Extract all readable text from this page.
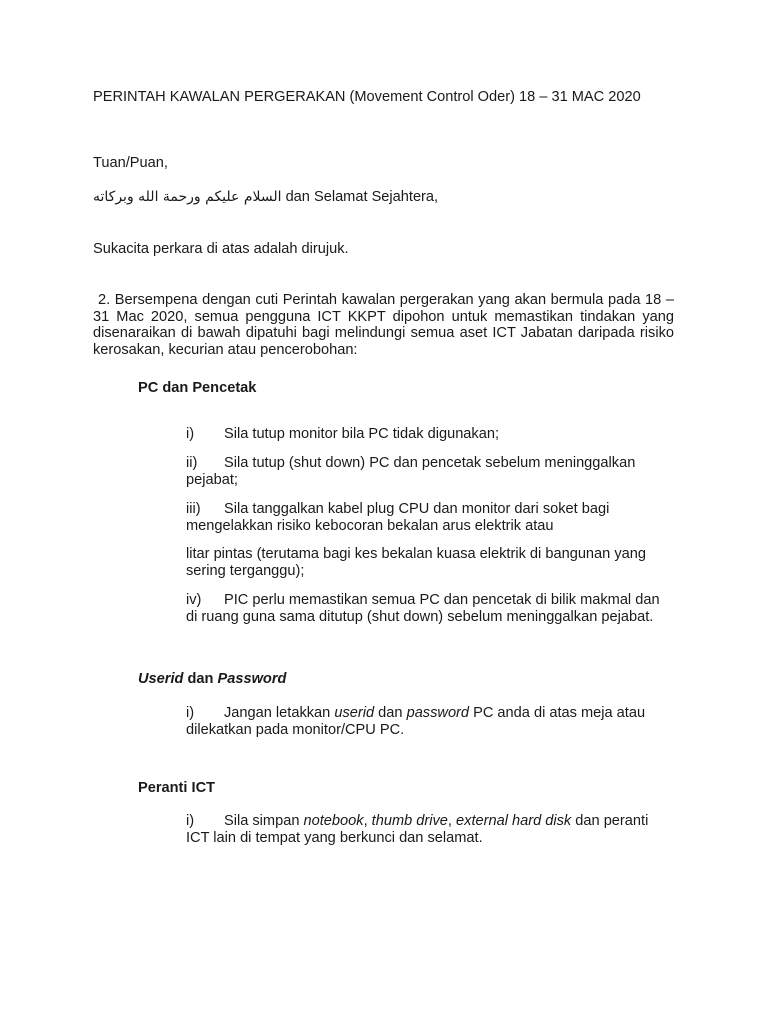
PERINTAH KAWALAN PERGERAKAN (Movement Control Oder) 18 – 31 MAC 2020

Tuan/Puan,

السلام عليكم ورحمة الله وبركاته dan Selamat Sejahtera,

Sukacita perkara di atas adalah dirujuk.

2. Bersempena dengan cuti Perintah kawalan pergerakan yang akan bermula pada 18 – 31 Mac 2020, semua pengguna ICT KKPT dipohon untuk memastikan tindakan yang disenaraikan di bawah dipatuhi bagi melindungi semua aset ICT Jabatan daripada risiko kerosakan, kecurian atau pencerobohan:

PC dan Pencetak

i) Sila tutup monitor bila PC tidak digunakan;

ii) Sila tutup (shut down) PC dan pencetak sebelum meninggalkan pejabat;

iii) Sila tanggalkan kabel plug CPU dan monitor dari soket bagi mengelakkan risiko kebocoran bekalan arus elektrik atau

litar pintas (terutama bagi kes bekalan kuasa elektrik di bangunan yang sering terganggu);

iv) PIC perlu memastikan semua PC dan pencetak di bilik makmal dan di ruang guna sama ditutup (shut down) sebelum meninggalkan pejabat.

Userid dan Password

i) Jangan letakkan userid dan password PC anda di atas meja atau dilekatkan pada monitor/CPU PC.

Peranti ICT

i) Sila simpan notebook, thumb drive, external hard disk dan peranti ICT lain di tempat yang berkunci dan selamat.
